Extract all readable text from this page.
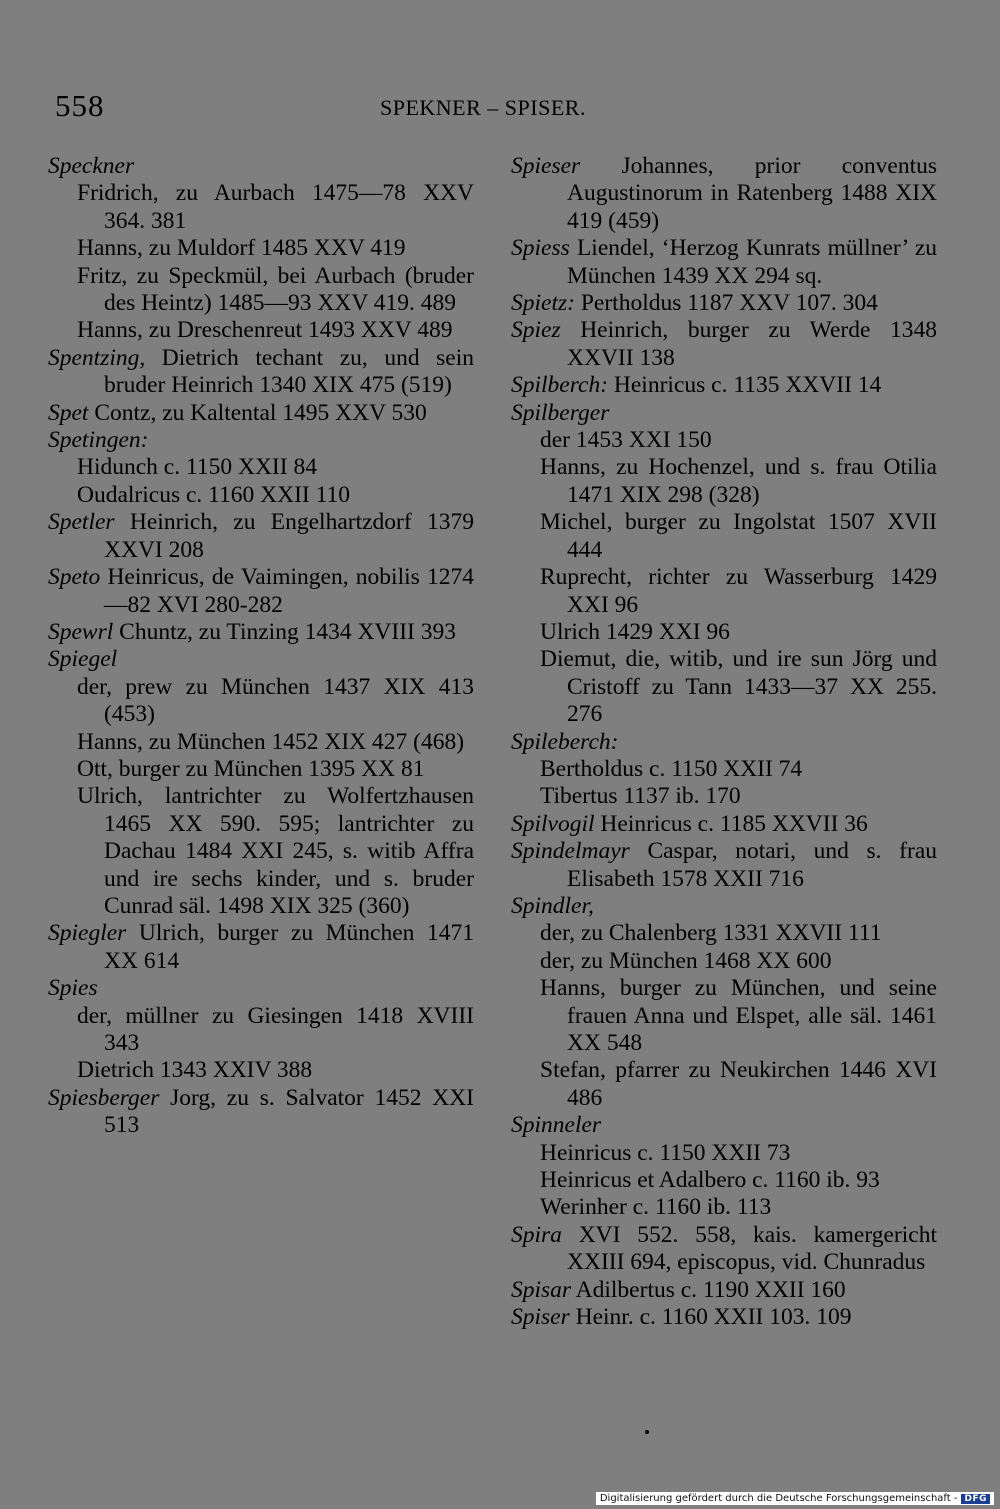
558	SPEKNER – SPISER.
Speckner
Fridrich, zu Aurbach 1475—78 XXV 364. 381
Hanns, zu Muldorf 1485 XXV 419
Fritz, zu Speckmül, bei Aurbach (bruder des Heintz) 1485—93 XXV 419. 489
Hanns, zu Dreschenreut 1493 XXV 489
Spentzing, Dietrich techant zu, und sein bruder Heinrich 1340 XIX 475 (519)
Spet Contz, zu Kaltental 1495 XXV 530
Spetingen:
Hidunch c. 1150 XXII 84
Oudalricus c. 1160 XXII 110
Spetler Heinrich, zu Engelhartzdorf 1379 XXVI 208
Speto Heinricus, de Vaimingen, nobilis 1274—82 XVI 280-282
Spewrl Chuntz, zu Tinzing 1434 XVIII 393
Spiegel
der, prew zu München 1437 XIX 413 (453)
Hanns, zu München 1452 XIX 427 (468)
Ott, burger zu München 1395 XX 81
Ulrich, lantrichter zu Wolfertzhausen 1465 XX 590. 595; lantrichter zu Dachau 1484 XXI 245, s. witib Affra und ire sechs kinder, und s. bruder Cunrad säl. 1498 XIX 325 (360)
Spiegler Ulrich, burger zu München 1471 XX 614
Spies
der, müllner zu Giesingen 1418 XVIII 343
Dietrich 1343 XXIV 388
Spiesberger Jorg, zu s. Salvator 1452 XXI 513
Spieser Johannes, prior conventus Augustinorum in Ratenberg 1488 XIX 419 (459)
Spiess Liendel, ‘Herzog Kunrats müllner’ zu München 1439 XX 294 sq.
Spietz: Pertholdus 1187 XXV 107. 304
Spiez Heinrich, burger zu Werde 1348 XXVII 138
Spilberch: Heinricus c. 1135 XXVII 14
Spilberger
der 1453 XXI 150
Hanns, zu Hochenzel, und s. frau Otilia 1471 XIX 298 (328)
Michel, burger zu Ingolstat 1507 XVII 444
Ruprecht, richter zu Wasserburg 1429 XXI 96
Ulrich 1429 XXI 96
Diemut, die, witib, und ire sun Jörg und Cristoff zu Tann 1433—37 XX 255. 276
Spileberch:
Bertholdus c. 1150 XXII 74
Tibertus 1137 ib. 170
Spilvogil Heinricus c. 1185 XXVII 36
Spindelmayr Caspar, notari, und s. frau Elisabeth 1578 XXII 716
Spindler,
der, zu Chalenberg 1331 XXVII 111
der, zu München 1468 XX 600
Hanns, burger zu München, und seine frauen Anna und Elspet, alle säl. 1461 XX 548
Stefan, pfarrer zu Neukirchen 1446 XVI 486
Spinneler
Heinricus c. 1150 XXII 73
Heinricus et Adalbero c. 1160 ib. 93
Werinher c. 1160 ib. 113
Spira XVI 552. 558, kais. kamergericht XXIII 694, episcopus, vid. Chunradus
Spisar Adilbertus c. 1190 XXII 160
Spiser Heinr. c. 1160 XXII 103. 109
Digitalisierung gefördert durch die Deutsche Forschungsgemeinschaft - DFG
